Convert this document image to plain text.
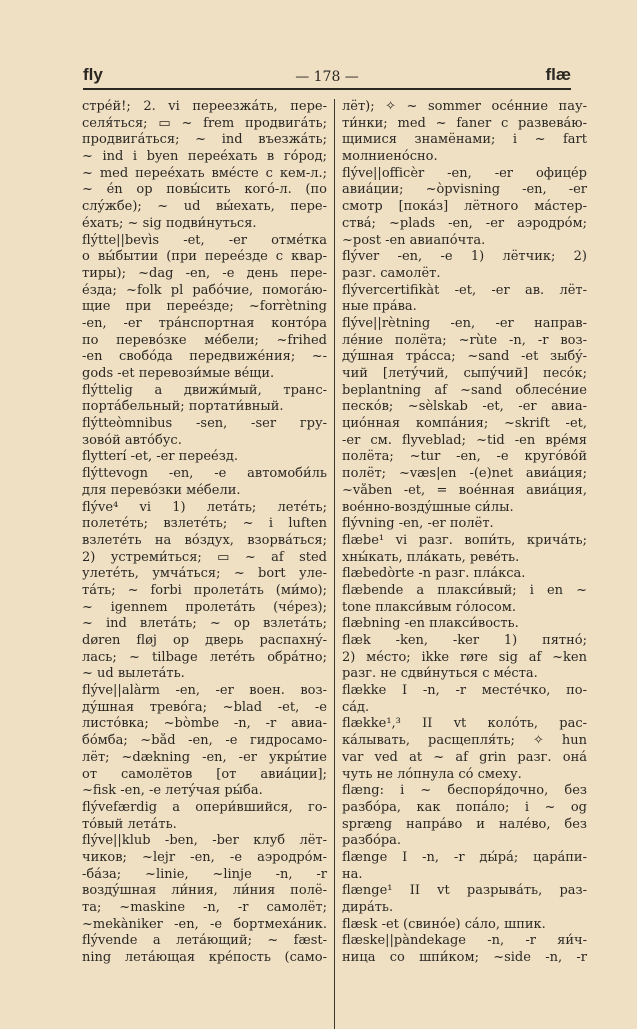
fly	— 178 —	flæ
стрéй!; 2. vi переезжáть, пере-
селя́ться; ▭ ~ frem продвигáть;
продвигáться; ~ ind въезжáть;
~ ind i byen переéхать в гóрод;
~ med переéхать вмéсте с кем-л.;
~ én op повы́сить когó-л. (по
слýжбе); ~ ud вы́ехать, пере-
éхать; ~ sig подви́нуться.
flýtte||bevìs -et, -er отмéтка
о вы́бытии (при переéзде с квар-
тиры); ~dag -en, -e день пере-
éзда; ~folk pl рабóчие, помогáю-
щие при переéзде; ~forrètning
-en, -er трáнспортная контóра
по перевóзке мéбели; ~frihed
-en свобóда передвижéния; ~-
gods -et перевози́мые вéщи.
flýttelig a движи́мый, транс-
портáбельный; портати́вный.
flýtteòmnibus -sen, -ser гру-
зовóй автóбус.
flytterí -et, -er переéзд.
flýttevogn -en, -e автомоби́ль
для перевóзки мéбели.
flývе⁴ vi 1) летáть; летéть;
полетéть; взлетéть; ~ i luften
взлетéть на вóздух, взорвáться;
2) устреми́ться; ▭ ~ af sted
улетéть, умчáться; ~ bort уле-
тáть; ~ forbi пролетáть (ми́мо);
~ igennem пролетáть (чéрез);
~ ind влетáть; ~ op взлетáть;
døren fløj op дверь распахнý-
лась; ~ tilbage летéть обрáтно;
~ ud вылетáть.
flýve||alàrm -en, -er воен. воз-
дýшная тревóга; ~blad -et, -e
листóвка; ~bòmbe -n, -r авиа-
бóмба; ~båd -en, -e гидросамо-
лёт; ~dækning -en, -er укры́тие
от самолётов [от авиáции];
~fisk -en, -e летýчая ры́ба.
flývefærdig a опери́вшийся, го-
тóвый летáть.
flýve||klub -ben, -ber клуб лёт-
чиков; ~lejr -en, -e аэродрóм-
-бáза; ~linie, ~linje -n, -r
воздýшная ли́ния, ли́ния полё-
та; ~maskine -n, -r самолёт;
~mekàniker -en, -e бортмехáник.
flývende a летáющий; ~ fæst-
ning летáющая крéпость (само-
лёт); ✧ ~ sommer осéнние пау-
ти́нки; med ~ faner с развевáю-
щимися знамёнами; i ~ fart
молниенóсно.
flýve||officèr -en, -er офицéр
авиáции; ~òpvisning -en, -er
смотр [покáз] лётного мáстер-
ствá; ~plads -en, -er аэродрóм;
~post -en авиапóчта.
flýver -en, -e 1) лётчик; 2)
разг. самолёт.
flývercertifikàt -et, -er ав. лёт-
ные прáва.
flýve||rètning -en, -er направ-
лéние полёта; ~rùte -n, -r воз-
дýшная трáсса; ~sand -et зыбý-
чий [летýчий, сыпýчий] песóк;
beplantning af ~sand облесéние
пескóв; ~sèlskab -et, -er авиа-
циóнная компáния; ~skrift -et,
-er см. flyveblad; ~tid -en врéмя
полёта; ~tur -en, -e кругóвóй
полёт; ~væs|en -(e)net авиáция;
~våben -et, = воéнная авиáция,
воéнно-воздýшные си́лы.
flývning -en, -er полёт.
flæbe¹ vi разг. вопи́ть, кричáть;
хны́кать, плáкать, ревéть.
flæbedòrte -n разг. плáкса.
flæbende a плакси́вый; i en ~
tone плакси́вым гóлосом.
flæbning -en плакси́вость.
flæk -ken, -ker 1) пятнó;
2) мéсто; ikke røre sig af ~ken
разг. не сдви́нуться с мéста.
flække I -n, -r местéчко, по-
сáд.
flække¹,³ II vt колóть, рас-
кáлывать, расщепля́ть; ✧ hun
var ved at ~ af grin разг. онá
чуть не лóпнула сó смеху.
flæng: i ~ беспоря́дочно, без
разбóра, как попáло; i ~ og
sprænɡ напрáво и налéво, без
разбóра.
flænge I -n, -r ды́рá; царáпи-
на.
flænge¹ II vt разрывáть, раз-
дирáть.
flæsk -et (свинóе) сáло, шпик.
flæske||pàndekage -n, -r яи́ч-
ница со шпи́ком; ~side -n, -r
